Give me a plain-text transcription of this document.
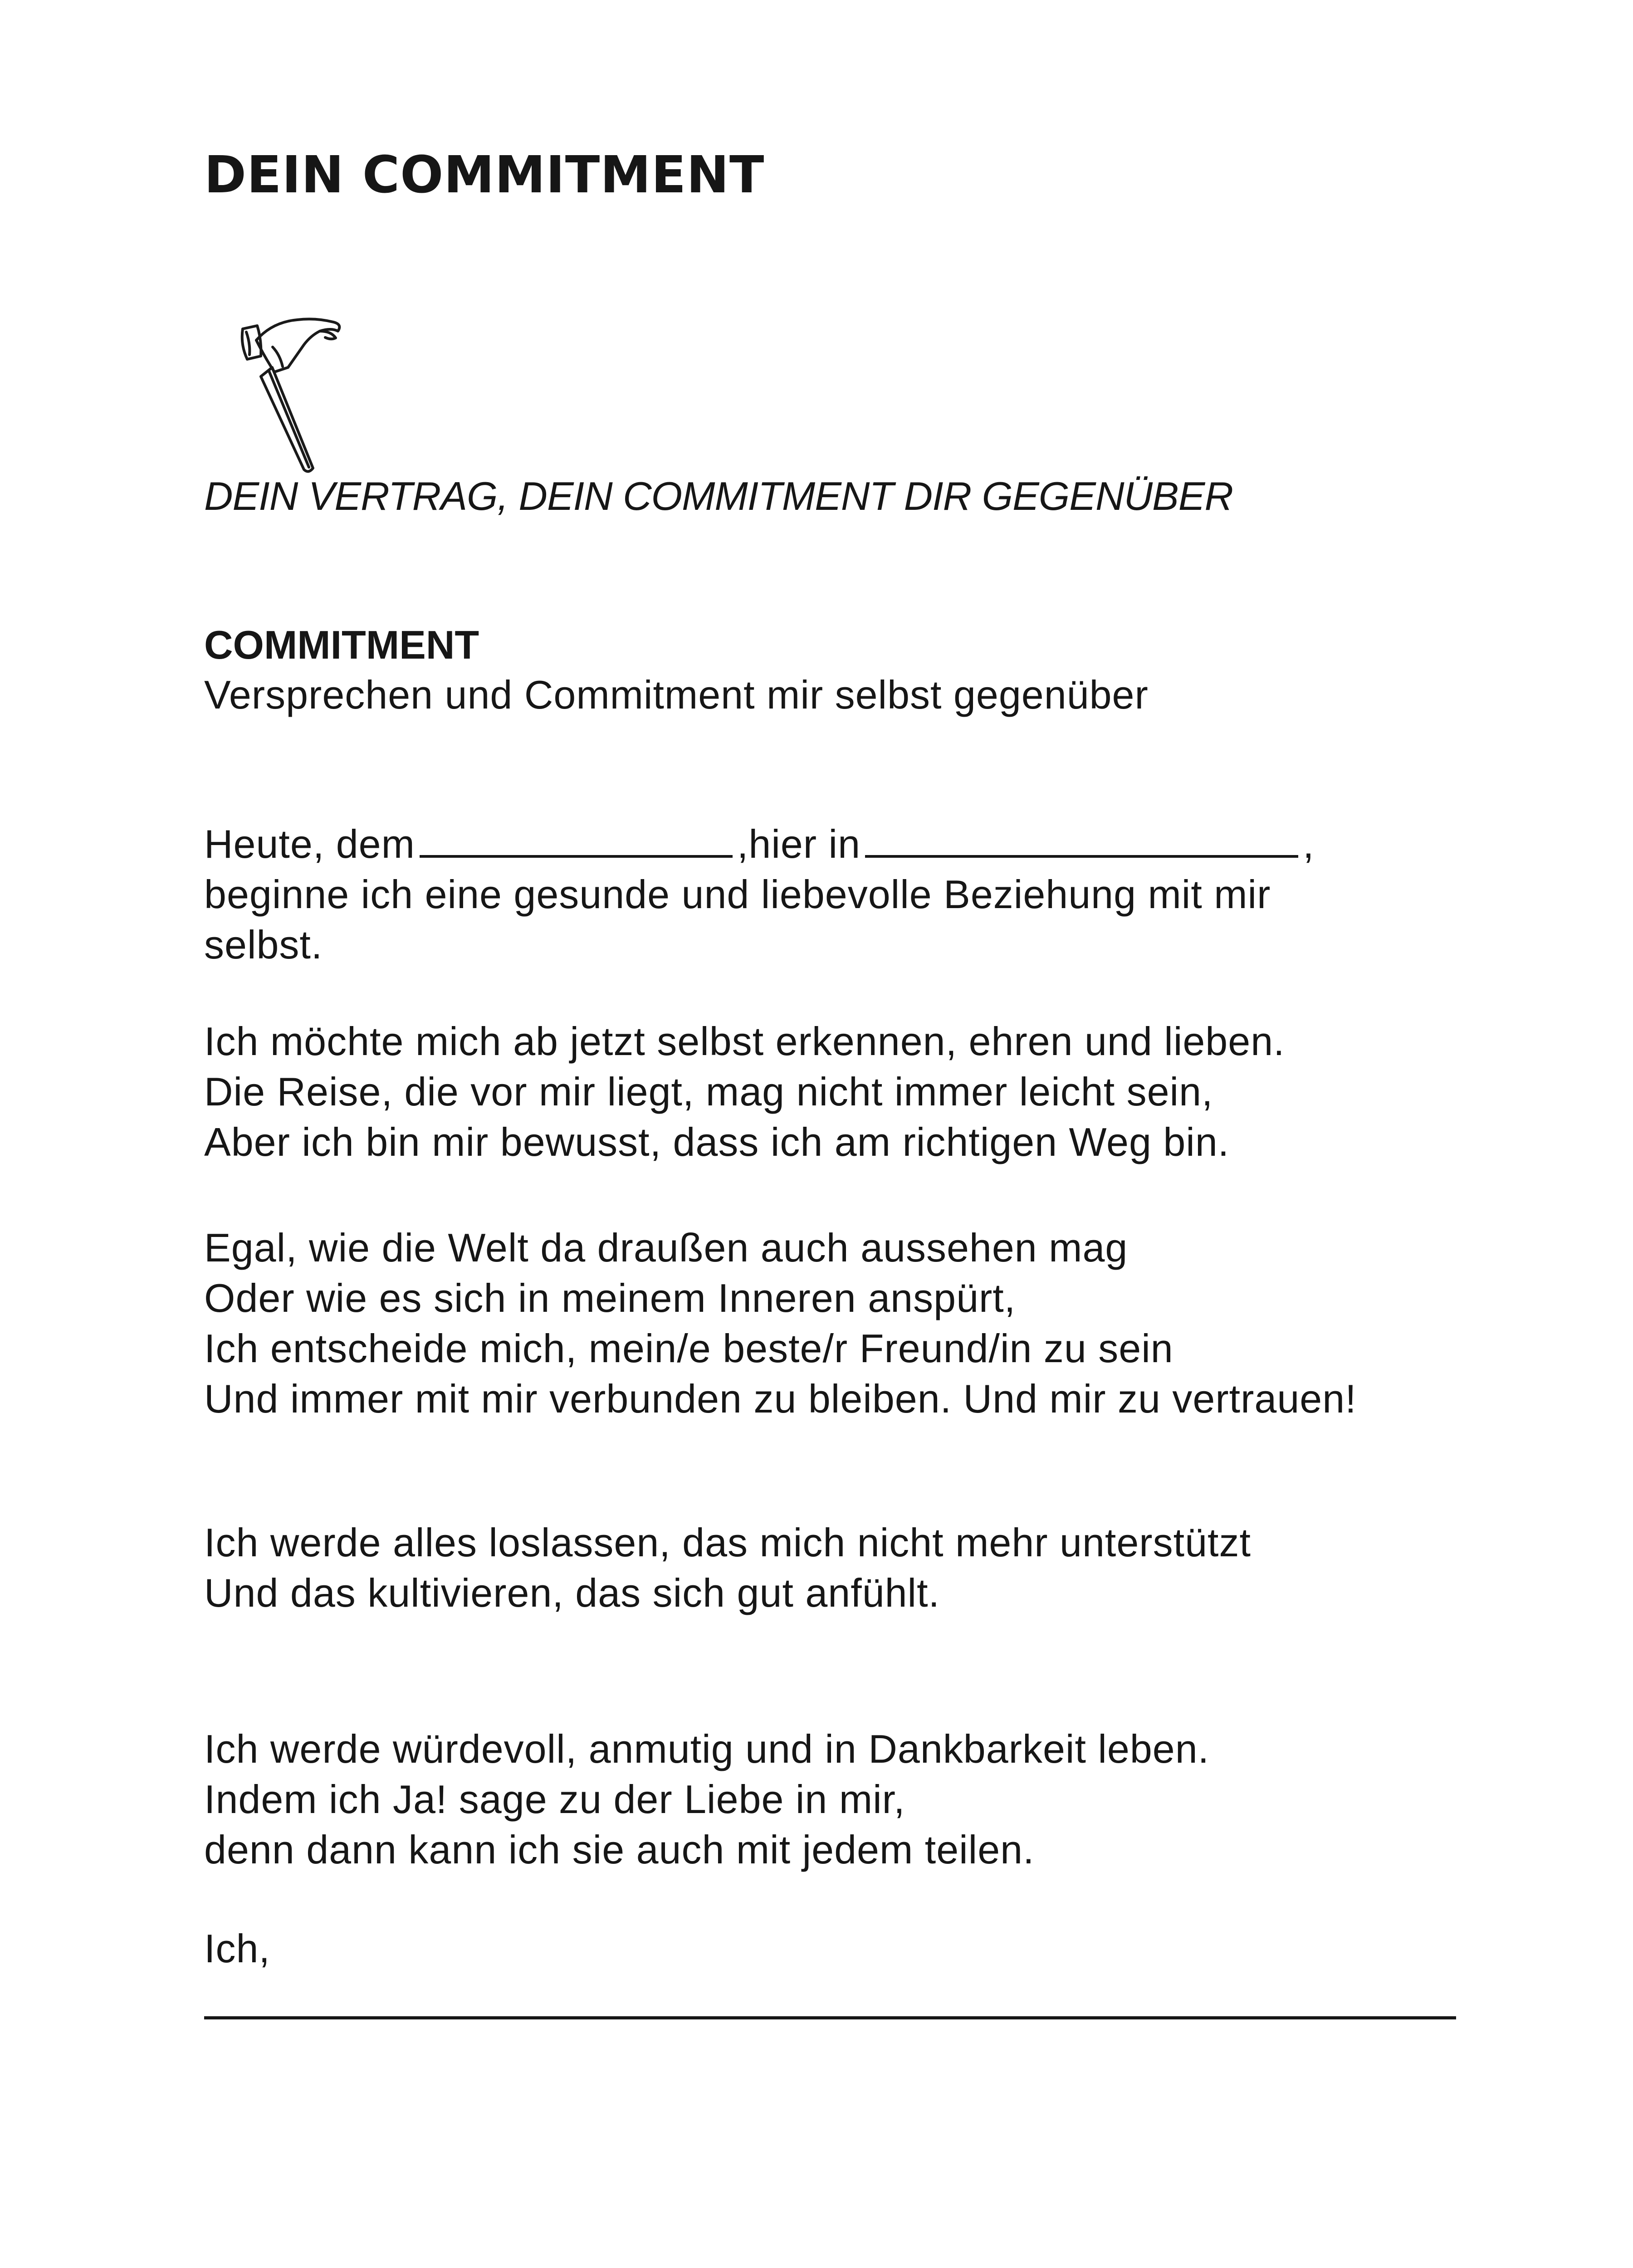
DEIN COMMITMENT
DEIN VERTRAG, DEIN COMMITMENT DIR GEGENÜBER
COMMITMENT
Versprechen und Commitment mir selbst gegenüber
Heute, dem	,hier in	,
beginne ich eine gesunde und liebevolle Beziehung mit mir
selbst.
Ich möchte mich ab jetzt selbst erkennen, ehren und lieben.
Die Reise, die vor mir liegt, mag nicht immer leicht sein,
Aber ich bin mir bewusst, dass ich am richtigen Weg bin.
Egal, wie die Welt da draußen auch aussehen mag
Oder wie es sich in meinem Inneren anspürt,
Ich entscheide mich, mein/e beste/r Freund/in zu sein
Und immer mit mir verbunden zu bleiben. Und mir zu vertrauen!
Ich werde alles loslassen, das mich nicht mehr unterstützt
Und das kultivieren, das sich gut anfühlt.
Ich werde würdevoll, anmutig und in Dankbarkeit leben.
Indem ich Ja! sage zu der Liebe in mir,
denn dann kann ich sie auch mit jedem teilen.
Ich,
